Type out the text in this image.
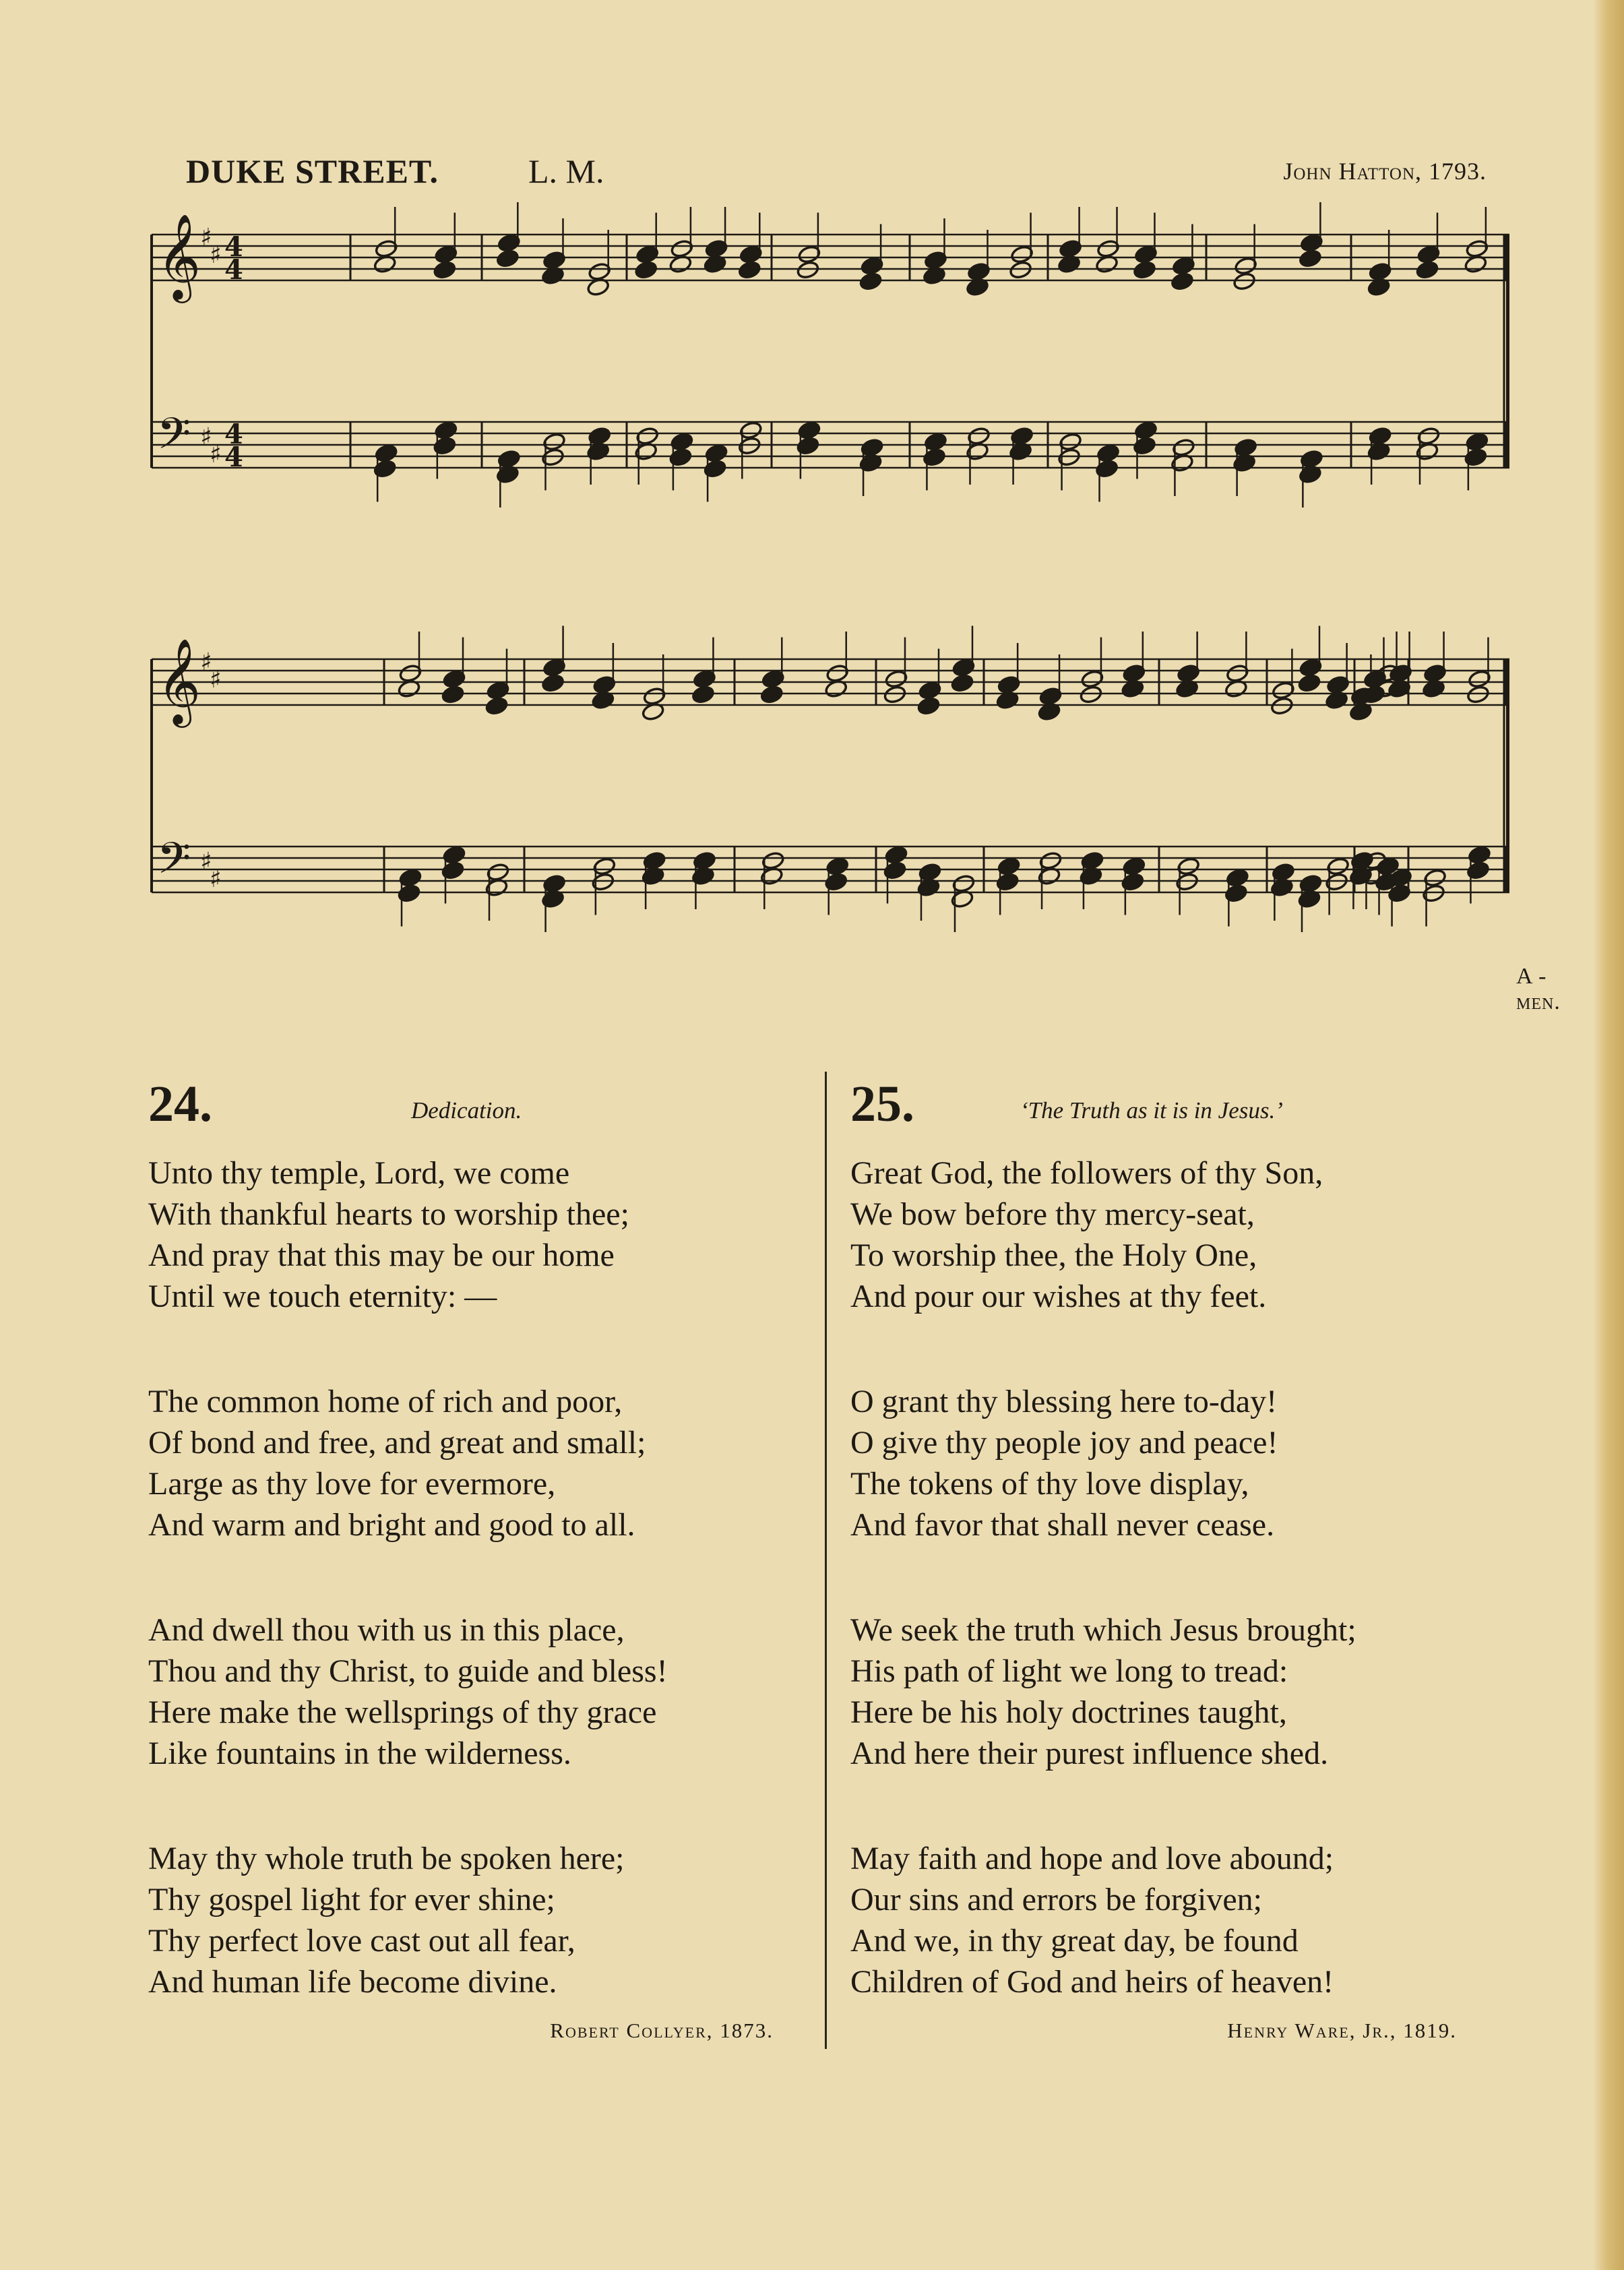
DUKE STREET.	L. M.	John Hatton, 1793.
𝄞
♯
♯ 4
4
𝄢 ♯
♯
4
4
𝄞
♯
♯
𝄢 ♯
♯
A - men.
24.	Dedication.
Unto thy temple, Lord, we come
With thankful hearts to worship thee;
And pray that this may be our home
Until we touch eternity: —
The common home of rich and poor,
Of bond and free, and great and small;
Large as thy love for evermore,
And warm and bright and good to all.
And dwell thou with us in this place,
Thou and thy Christ, to guide and bless!
Here make the wellsprings of thy grace
Like fountains in the wilderness.
May thy whole truth be spoken here;
Thy gospel light for ever shine;
Thy perfect love cast out all fear,
And human life become divine.
Robert Collyer, 1873.
25.	‘The Truth as it is in Jesus.’
Great God, the followers of thy Son,
We bow before thy mercy-seat,
To worship thee, the Holy One,
And pour our wishes at thy feet.
O grant thy blessing here to-day!
O give thy people joy and peace!
The tokens of thy love display,
And favor that shall never cease.
We seek the truth which Jesus brought;
His path of light we long to tread:
Here be his holy doctrines taught,
And here their purest influence shed.
May faith and hope and love abound;
Our sins and errors be forgiven;
And we, in thy great day, be found
Children of God and heirs of heaven!
Henry Ware, Jr., 1819.
